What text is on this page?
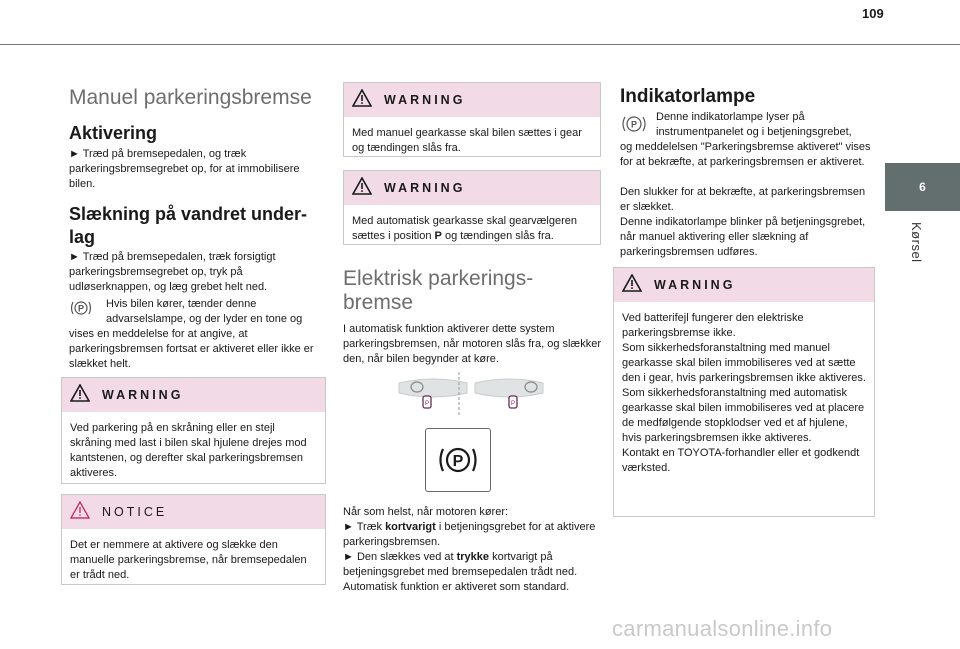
109
6
Kørsel
Manuel parkeringsbremse
Aktivering

► Træd på bremsepedalen, og træk parkeringsbremsegrebet op, for at immobilisere bilen.

Slækning på vandret under-
lag

► Træd på bremsepedalen, træk forsigtigt parkeringsbremsegrebet op, tryk på udløserknappen, og læg grebet helt ned.

P Hvis bilen kører, tænder denne

advarselslampe, og der lyder en tone og

vises en meddelelse for at angive, at parkeringsbremsen fortsat er aktiveret eller ikke er slækket helt.

WARNING
Ved parkering på en skråning eller en stejl skråning med last i bilen skal hjulene drejes mod kantstenen, og derefter skal parkeringsbremsen aktiveres.
NOTICE
Det er nemmere at aktivere og slække den manuelle parkeringsbremse, når bremsepedalen er trådt ned.
WARNING
Med manuel gearkasse skal bilen sættes i gear og tændingen slås fra.
WARNING
Med automatisk gearkasse skal gearvælgeren sættes i position P og tændingen slås fra.
Elektrisk parkerings-
bremse

I automatisk funktion aktiverer dette system parkeringsbremsen, når motoren slås fra, og slækker den, når bilen begynder at køre.

P	P
P

Når som helst, når motoren kører:

► Træk kortvarigt i betjeningsgrebet for at aktivere parkeringsbremsen.

► Den slækkes ved at trykke kortvarigt på betjeningsgrebet med bremsepedalen trådt ned.

Automatisk funktion er aktiveret som standard.

Indikatorlampe
P

Denne indikatorlampe lyser på

instrumentpanelet og i betjeningsgrebet,

og meddelelsen "Parkeringsbremse aktiveret" vises for at bekræfte, at parkeringsbremsen er aktiveret.

Den slukker for at bekræfte, at parkeringsbremsen er slækket.

Denne indikatorlampe blinker på betjeningsgrebet, når manuel aktivering eller slækning af parkeringsbremsen udføres.

WARNING

Ved batterifejl fungerer den elektriske parkeringsbremse ikke.

Som sikkerhedsforanstaltning med manuel gearkasse skal bilen immobiliseres ved at sætte den i gear, hvis parkeringsbremsen ikke aktiveres.

Som sikkerhedsforanstaltning med automatisk gearkasse skal bilen immobiliseres ved at placere de medfølgende stopklodser ved et af hjulene, hvis parkeringsbremsen ikke aktiveres.

Kontakt en TOYOTA-forhandler eller et godkendt værksted.

carmanualsonline.info
